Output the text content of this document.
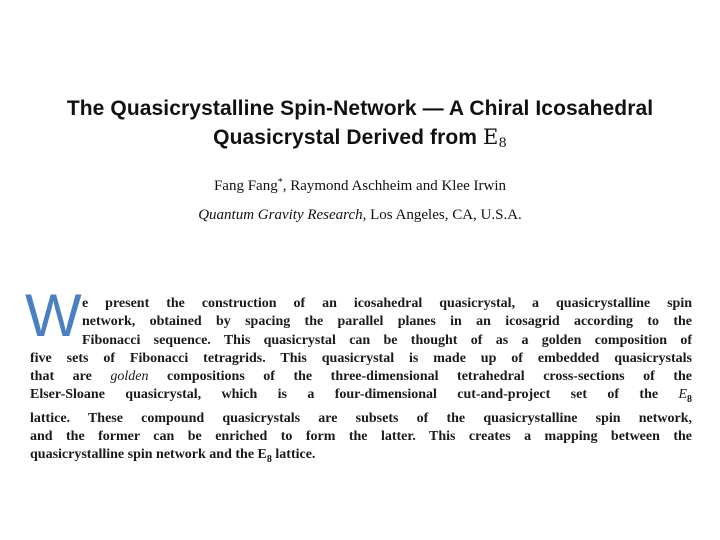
The Quasicrystalline Spin-Network — A Chiral Icosahedral
Quasicrystal Derived from $E_8$
Fang Fang*, Raymond Aschheim and Klee Irwin
Quantum Gravity Research, Los Angeles, CA, U.S.A.
W e present the construction of an icosahedral quasicrystal, a quasicrystalline spin
network, obtained by spacing the parallel planes in an icosagrid according to the
Fibonacci sequence. This quasicrystal can be thought of as a golden composition of
five sets of Fibonacci tetragrids. This quasicrystal is made up of embedded quasicrystals
that are golden compositions of the three-dimensional tetrahedral cross-sections of the
Elser-Sloane quasicrystal, which is a four-dimensional cut-and-project set of the $E_8$
lattice. These compound quasicrystals are subsets of the quasicrystalline spin network,
and the former can be enriched to form the latter. This creates a mapping between the
quasicrystalline spin network and the $E_8$ lattice.
